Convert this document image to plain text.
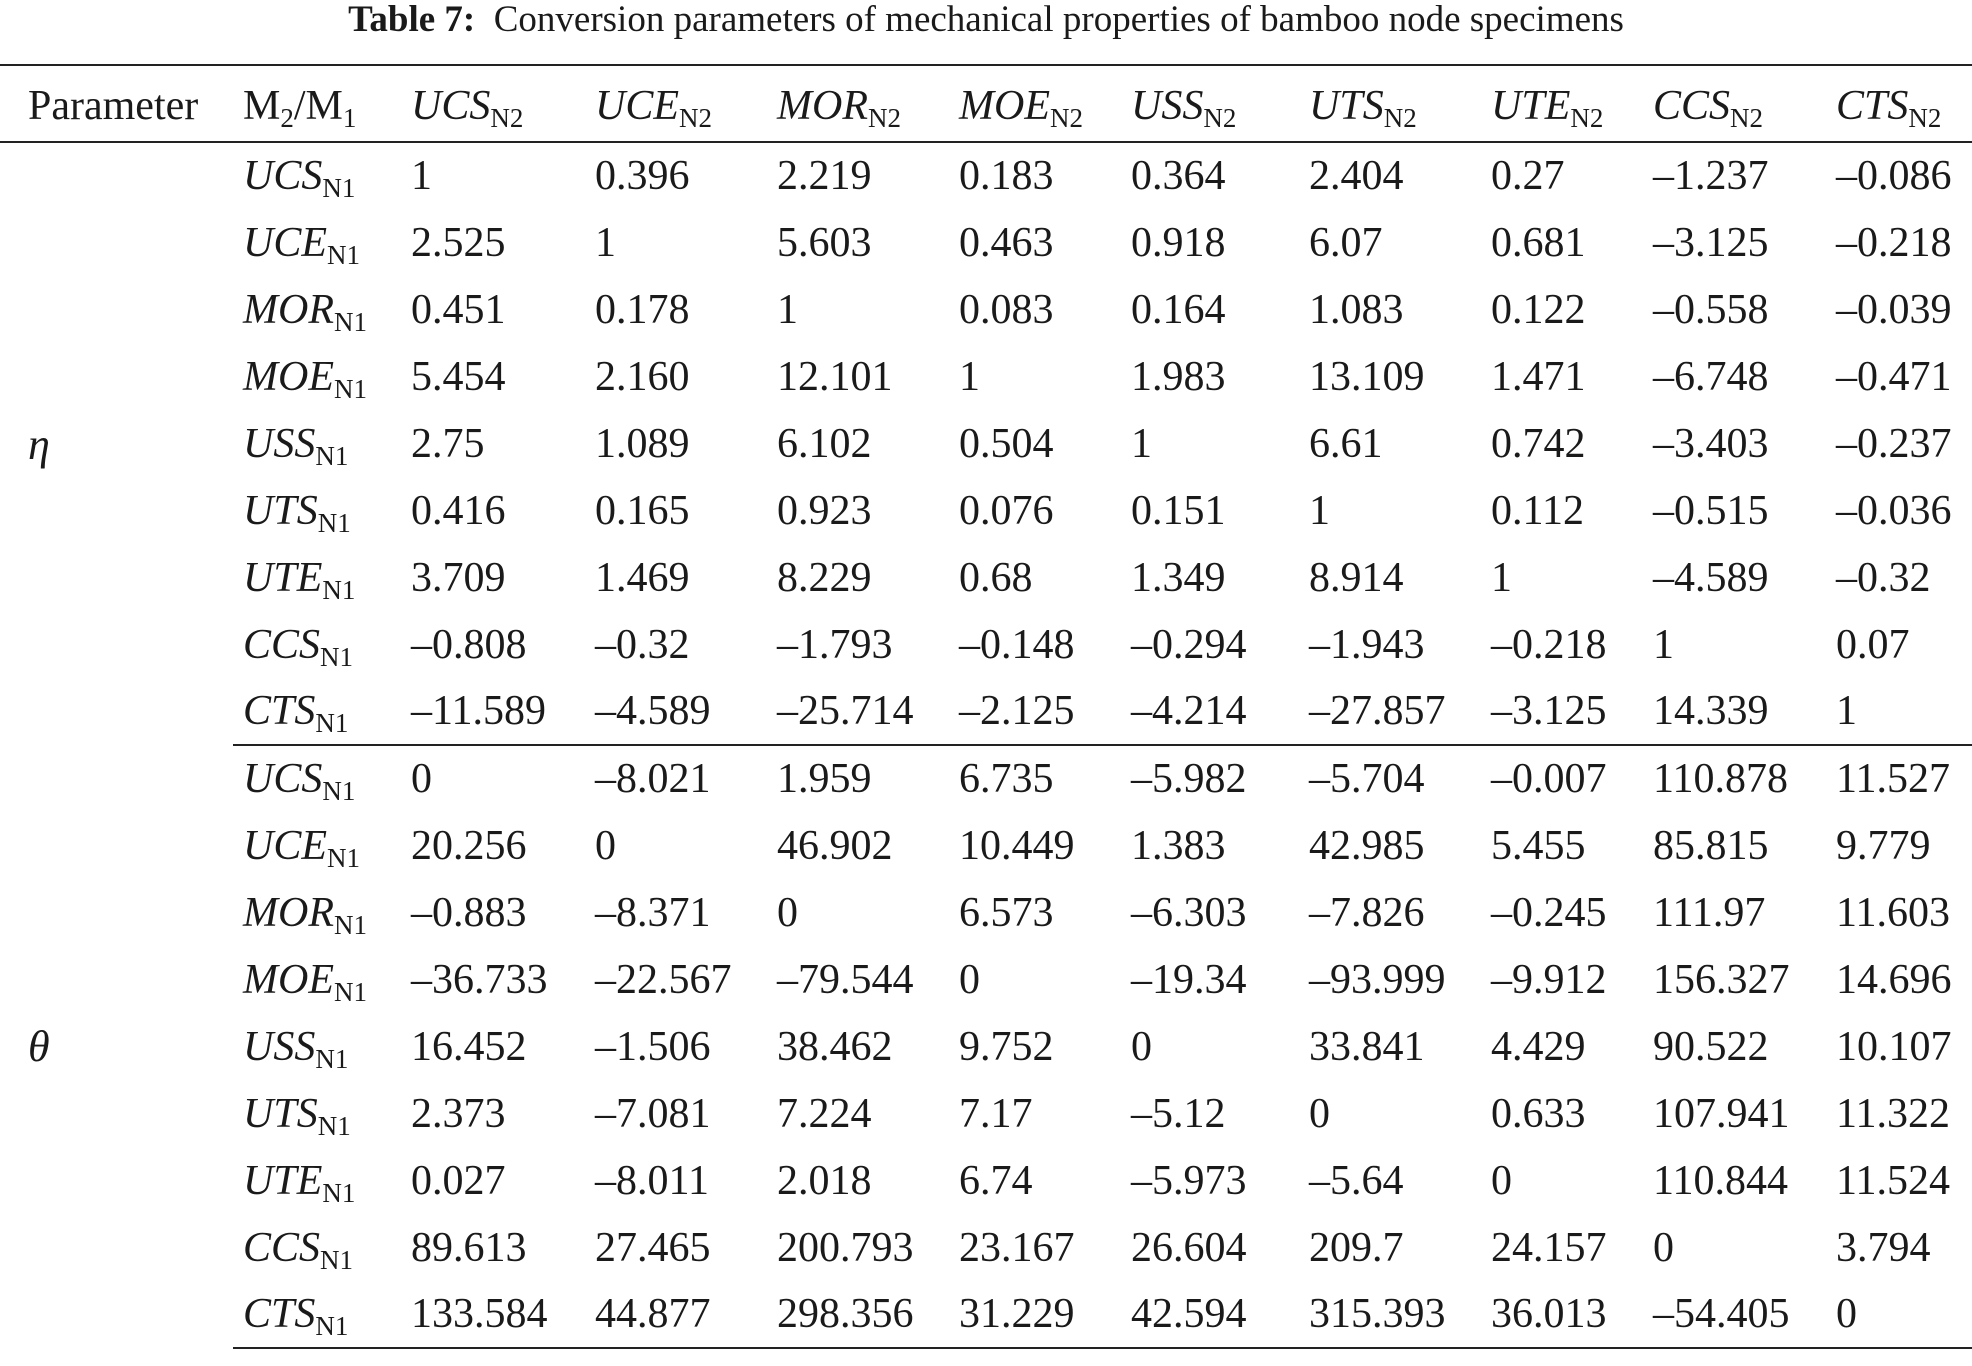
Table 7: Conversion parameters of mechanical properties of bamboo node specimens
Parameter	$M_2/M_1$	$UCS_{N2}$	$UCE_{N2}$	$MOR_{N2}$	$MOE_{N2}$	$USS_{N2}$	$UTS_{N2}$	$UTE_{N2}$	$CCS_{N2}$	$CTS_{N2}$
η	$UCS_{N1}$	1	0.396	2.219	0.183	0.364	2.404	0.27	–1.237	–0.086
	$UCE_{N1}$	2.525	1	5.603	0.463	0.918	6.07	0.681	–3.125	–0.218
	$MOR_{N1}$	0.451	0.178	1	0.083	0.164	1.083	0.122	–0.558	–0.039
	$MOE_{N1}$	5.454	2.160	12.101	1	1.983	13.109	1.471	–6.748	–0.471
	$USS_{N1}$	2.75	1.089	6.102	0.504	1	6.61	0.742	–3.403	–0.237
	$UTS_{N1}$	0.416	0.165	0.923	0.076	0.151	1	0.112	–0.515	–0.036
	$UTE_{N1}$	3.709	1.469	8.229	0.68	1.349	8.914	1	–4.589	–0.32
	$CCS_{N1}$	–0.808	–0.32	–1.793	–0.148	–0.294	–1.943	–0.218	1	0.07
	$CTS_{N1}$	–11.589	–4.589	–25.714	–2.125	–4.214	–27.857	–3.125	14.339	1
θ	$UCS_{N1}$	0	–8.021	1.959	6.735	–5.982	–5.704	–0.007	110.878	11.527
	$UCE_{N1}$	20.256	0	46.902	10.449	1.383	42.985	5.455	85.815	9.779
	$MOR_{N1}$	–0.883	–8.371	0	6.573	–6.303	–7.826	–0.245	111.97	11.603
	$MOE_{N1}$	–36.733	–22.567	–79.544	0	–19.34	–93.999	–9.912	156.327	14.696
	$USS_{N1}$	16.452	–1.506	38.462	9.752	0	33.841	4.429	90.522	10.107
	$UTS_{N1}$	2.373	–7.081	7.224	7.17	–5.12	0	0.633	107.941	11.322
	$UTE_{N1}$	0.027	–8.011	2.018	6.74	–5.973	–5.64	0	110.844	11.524
	$CCS_{N1}$	89.613	27.465	200.793	23.167	26.604	209.7	24.157	0	3.794
	$CTS_{N1}$	133.584	44.877	298.356	31.229	42.594	315.393	36.013	–54.405	0
